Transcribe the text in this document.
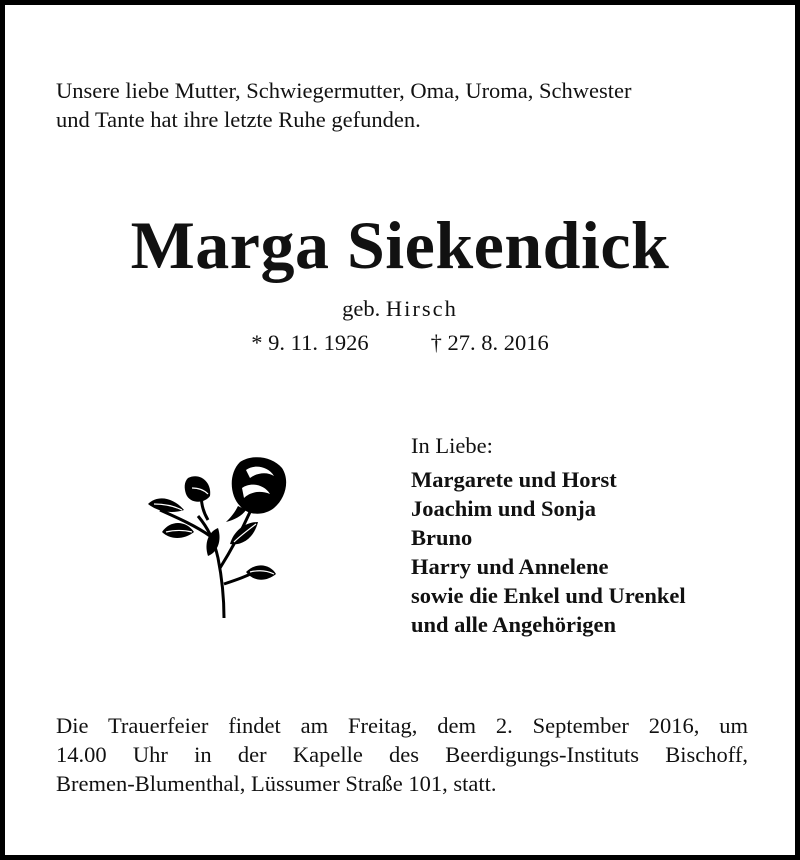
Unsere liebe Mutter, Schwiegermutter, Oma, Uroma, Schwester
und Tante hat ihre letzte Ruhe gefunden.
Marga Siekendick
geb. Hirsch
* 9. 11. 1926	† 27. 8. 2016
In Liebe:
Margarete und Horst
Joachim und Sonja
Bruno
Harry und Annelene
sowie die Enkel und Urenkel
und alle Angehörigen
Die Trauerfeier findet am Freitag, dem 2. September 2016, um
14.00 Uhr in der Kapelle des Beerdigungs-Instituts Bischoff,
Bremen-Blumenthal, Lüssumer Straße 101, statt.
